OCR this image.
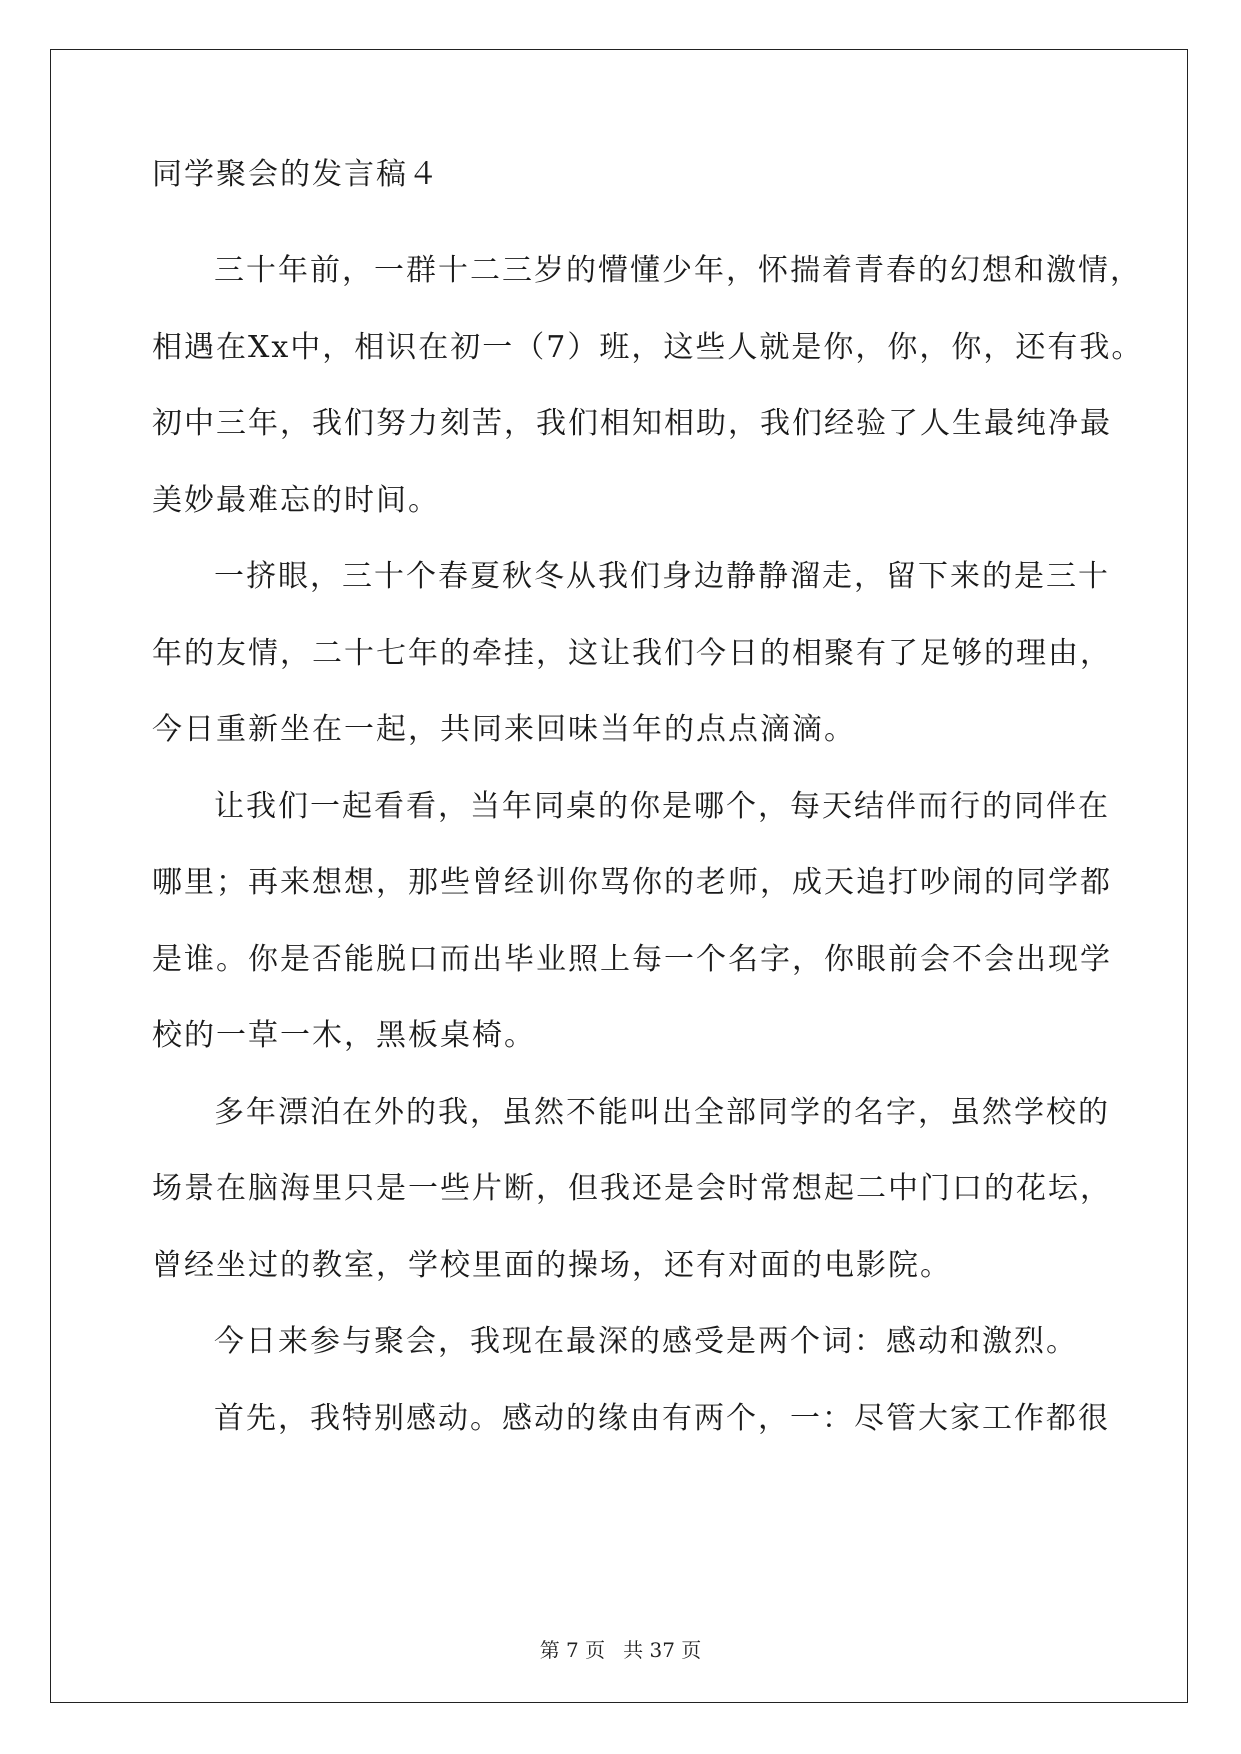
同学聚会的发言稿４
三十年前，一群十二三岁的懵懂少年，怀揣着青春的幻想和激情，
相遇在Xx中，相识在初一（7）班，这些人就是你，你，你，还有我。
初中三年，我们努力刻苦，我们相知相助，我们经验了人生最纯净最
美妙最难忘的时间。
一挤眼，三十个春夏秋冬从我们身边静静溜走，留下来的是三十
年的友情，二十七年的牵挂，这让我们今日的相聚有了足够的理由，
今日重新坐在一起，共同来回味当年的点点滴滴。
让我们一起看看，当年同桌的你是哪个，每天结伴而行的同伴在
哪里；再来想想，那些曾经训你骂你的老师，成天追打吵闹的同学都
是谁。你是否能脱口而出毕业照上每一个名字，你眼前会不会出现学
校的一草一木，黑板桌椅。
多年漂泊在外的我，虽然不能叫出全部同学的名字，虽然学校的
场景在脑海里只是一些片断，但我还是会时常想起二中门口的花坛，
曾经坐过的教室，学校里面的操场，还有对面的电影院。
今日来参与聚会，我现在最深的感受是两个词：感动和激烈。
首先，我特别感动。感动的缘由有两个，一：尽管大家工作都很
第 7 页 共 37 页
